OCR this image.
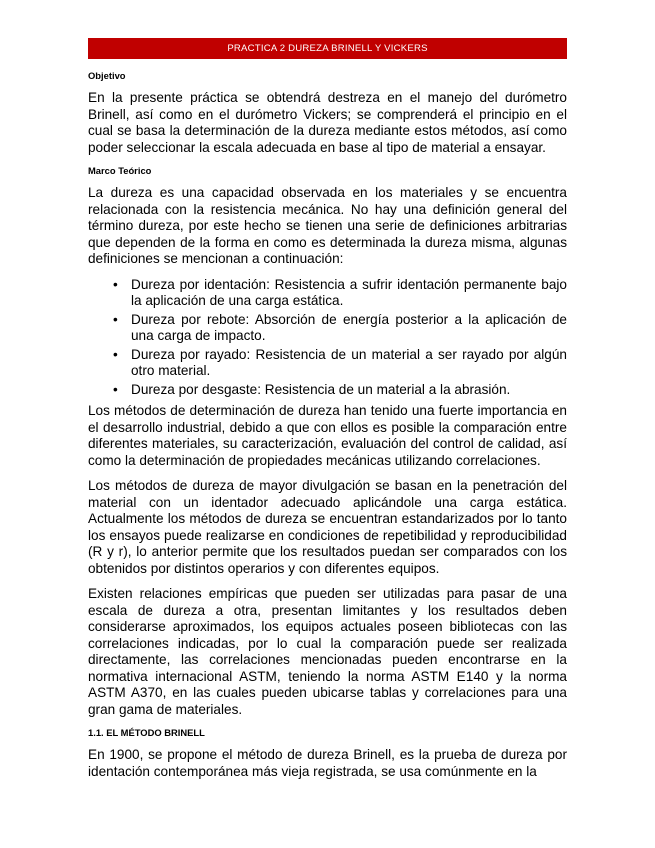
PRACTICA 2 DUREZA BRINELL Y VICKERS
Objetivo

En la presente práctica se obtendrá destreza en el manejo del durómetro Brinell, así como en el durómetro Vickers; se comprenderá el principio en el cual se basa la determinación de la dureza mediante estos métodos, así como poder seleccionar la escala adecuada en base al tipo de material a ensayar.

Marco Teórico

La dureza es una capacidad observada en los materiales y se encuentra relacionada con la resistencia mecánica. No hay una definición general del término dureza, por este hecho se tienen una serie de definiciones arbitrarias que dependen de la forma en como es determinada la dureza misma, algunas definiciones se mencionan a continuación:

• Dureza por identación: Resistencia a sufrir identación permanente bajo la aplicación de una carga estática.
• Dureza por rebote: Absorción de energía posterior a la aplicación de una carga de impacto.
• Dureza por rayado: Resistencia de un material a ser rayado por algún otro material.
• Dureza por desgaste: Resistencia de un material a la abrasión.

Los métodos de determinación de dureza han tenido una fuerte importancia en el desarrollo industrial, debido a que con ellos es posible la comparación entre diferentes materiales, su caracterización, evaluación del control de calidad, así como la determinación de propiedades mecánicas utilizando correlaciones.

Los métodos de dureza de mayor divulgación se basan en la penetración del material con un identador adecuado aplicándole una carga estática. Actualmente los métodos de dureza se encuentran estandarizados por lo tanto los ensayos puede realizarse en condiciones de repetibilidad y reproducibilidad (R y r), lo anterior permite que los resultados puedan ser comparados con los obtenidos por distintos operarios y con diferentes equipos.

Existen relaciones empíricas que pueden ser utilizadas para pasar de una escala de dureza a otra, presentan limitantes y los resultados deben considerarse aproximados, los equipos actuales poseen bibliotecas con las correlaciones indicadas, por lo cual la comparación puede ser realizada directamente, las correlaciones mencionadas pueden encontrarse en la normativa internacional ASTM, teniendo la norma ASTM E140 y la norma ASTM A370, en las cuales pueden ubicarse tablas y correlaciones para una gran gama de materiales.

1.1. EL MÉTODO BRINELL

En 1900, se propone el método de dureza Brinell, es la prueba de dureza por identación contemporánea más vieja registrada, se usa comúnmente en la
